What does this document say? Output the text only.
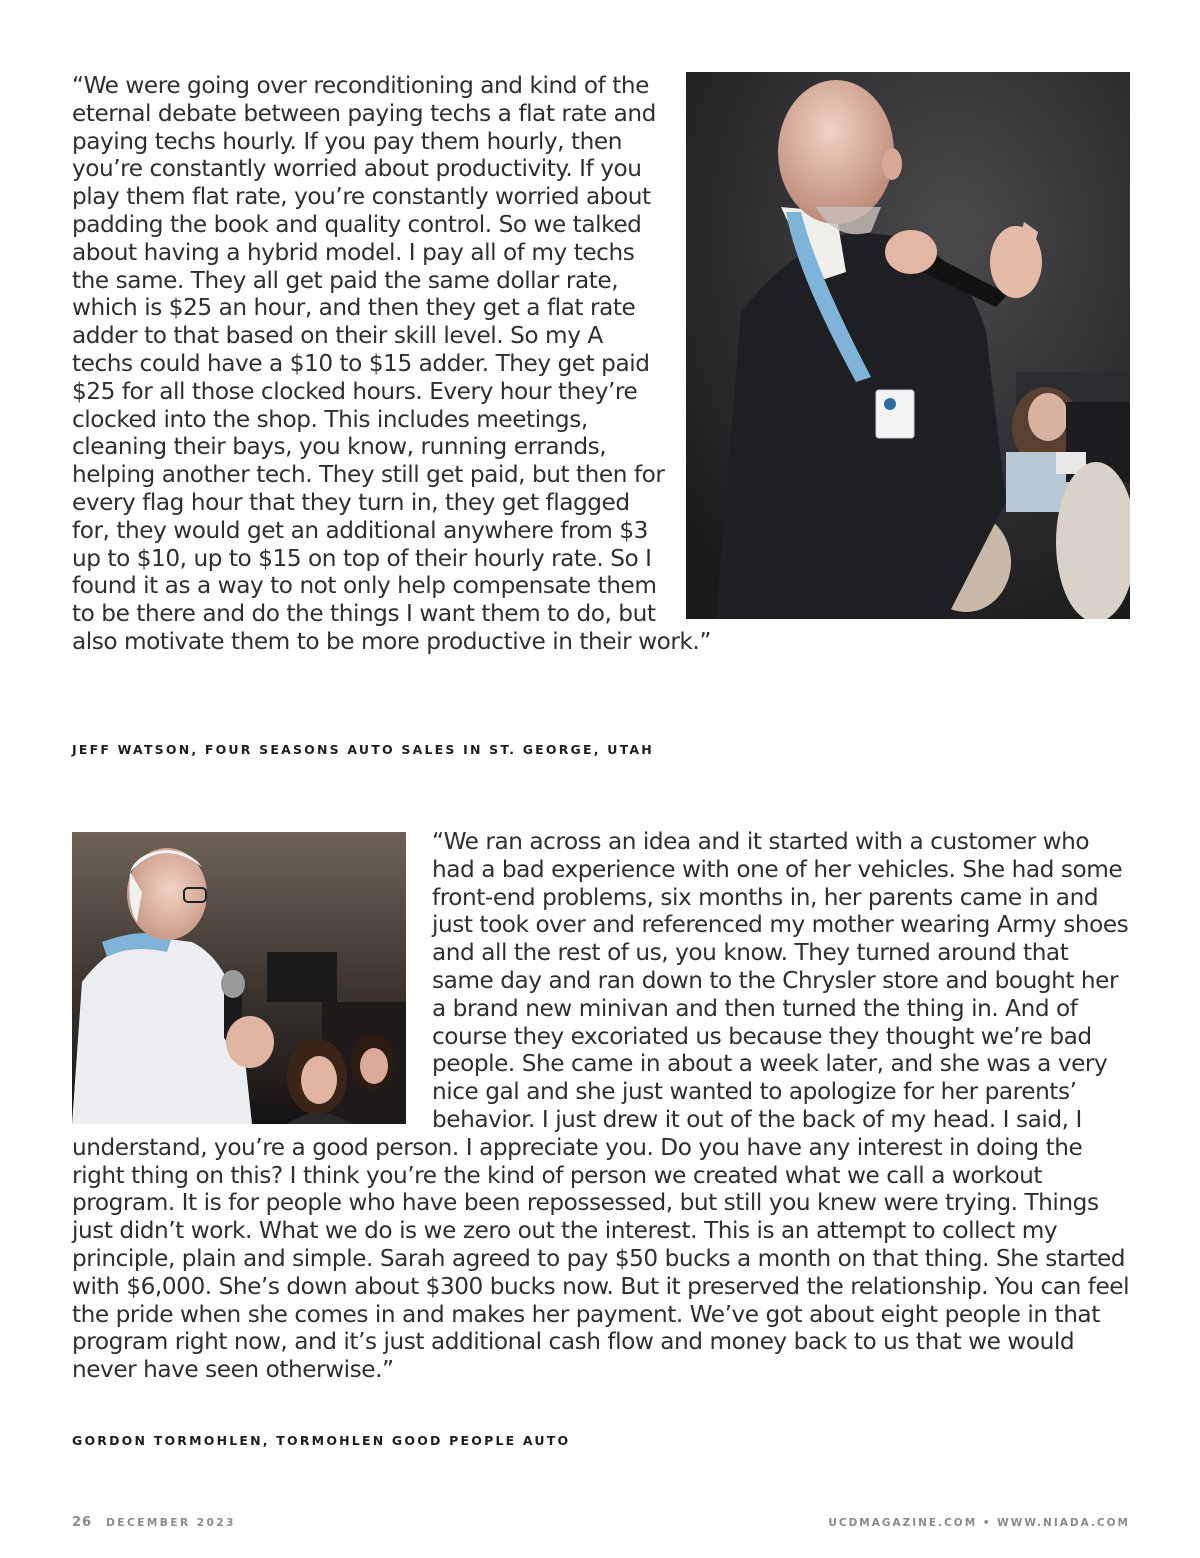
“We were going over reconditioning and kind of the eternal debate between paying techs a flat rate and paying techs hourly. If you pay them hourly, then you’re constantly worried about productivity. If you play them flat rate, you’re constantly worried about padding the book and quality control. So we talked about having a hybrid model. I pay all of my techs the same. They all get paid the same dollar rate, which is $25 an hour, and then they get a flat rate adder to that based on their skill level. So my A techs could have a $10 to $15 adder. They get paid $25 for all those clocked hours. Every hour they’re clocked into the shop. This includes meetings, cleaning their bays, you know, running errands, helping another tech. They still get paid, but then for every flag hour that they turn in, they get flagged for, they would get an additional anywhere from $3 up to $10, up to $15 on top of their hourly rate. So I found it as a way to not only help compensate them to be there and do the things I want them to do, but also motivate them to be more productive in their work.”

JEFF WATSON, FOUR SEASONS AUTO SALES IN ST. GEORGE, UTAH

“We ran across an idea and it started with a customer who had a bad experience with one of her vehicles. She had some front-end problems, six months in, her parents came in and just took over and referenced my mother wearing Army shoes and all the rest of us, you know. They turned around that same day and ran down to the Chrysler store and bought her a brand new minivan and then turned the thing in. And of course they excoriated us because they thought we’re bad people. She came in about a week later, and she was a very nice gal and she just wanted to apologize for her parents’ behavior. I just drew it out of the back of my head. I said, I understand, you’re a good person. I appreciate you. Do you have any interest in doing the right thing on this? I think you’re the kind of person we created what we call a workout program. It is for people who have been repossessed, but still you knew were trying. Things just didn’t work. What we do is we zero out the interest. This is an attempt to collect my principle, plain and simple. Sarah agreed to pay $50 bucks a month on that thing. She started with $6,000. She’s down about $300 bucks now. But it preserved the relationship. You can feel the pride when she comes in and makes her payment. We’ve got about eight people in that program right now, and it’s just additional cash flow and money back to us that we would never have seen otherwise.”

GORDON TORMOHLEN, TORMOHLEN GOOD PEOPLE AUTO

26 DECEMBER 2023	UCDMAGAZINE.COM • WWW.NIADA.COM
